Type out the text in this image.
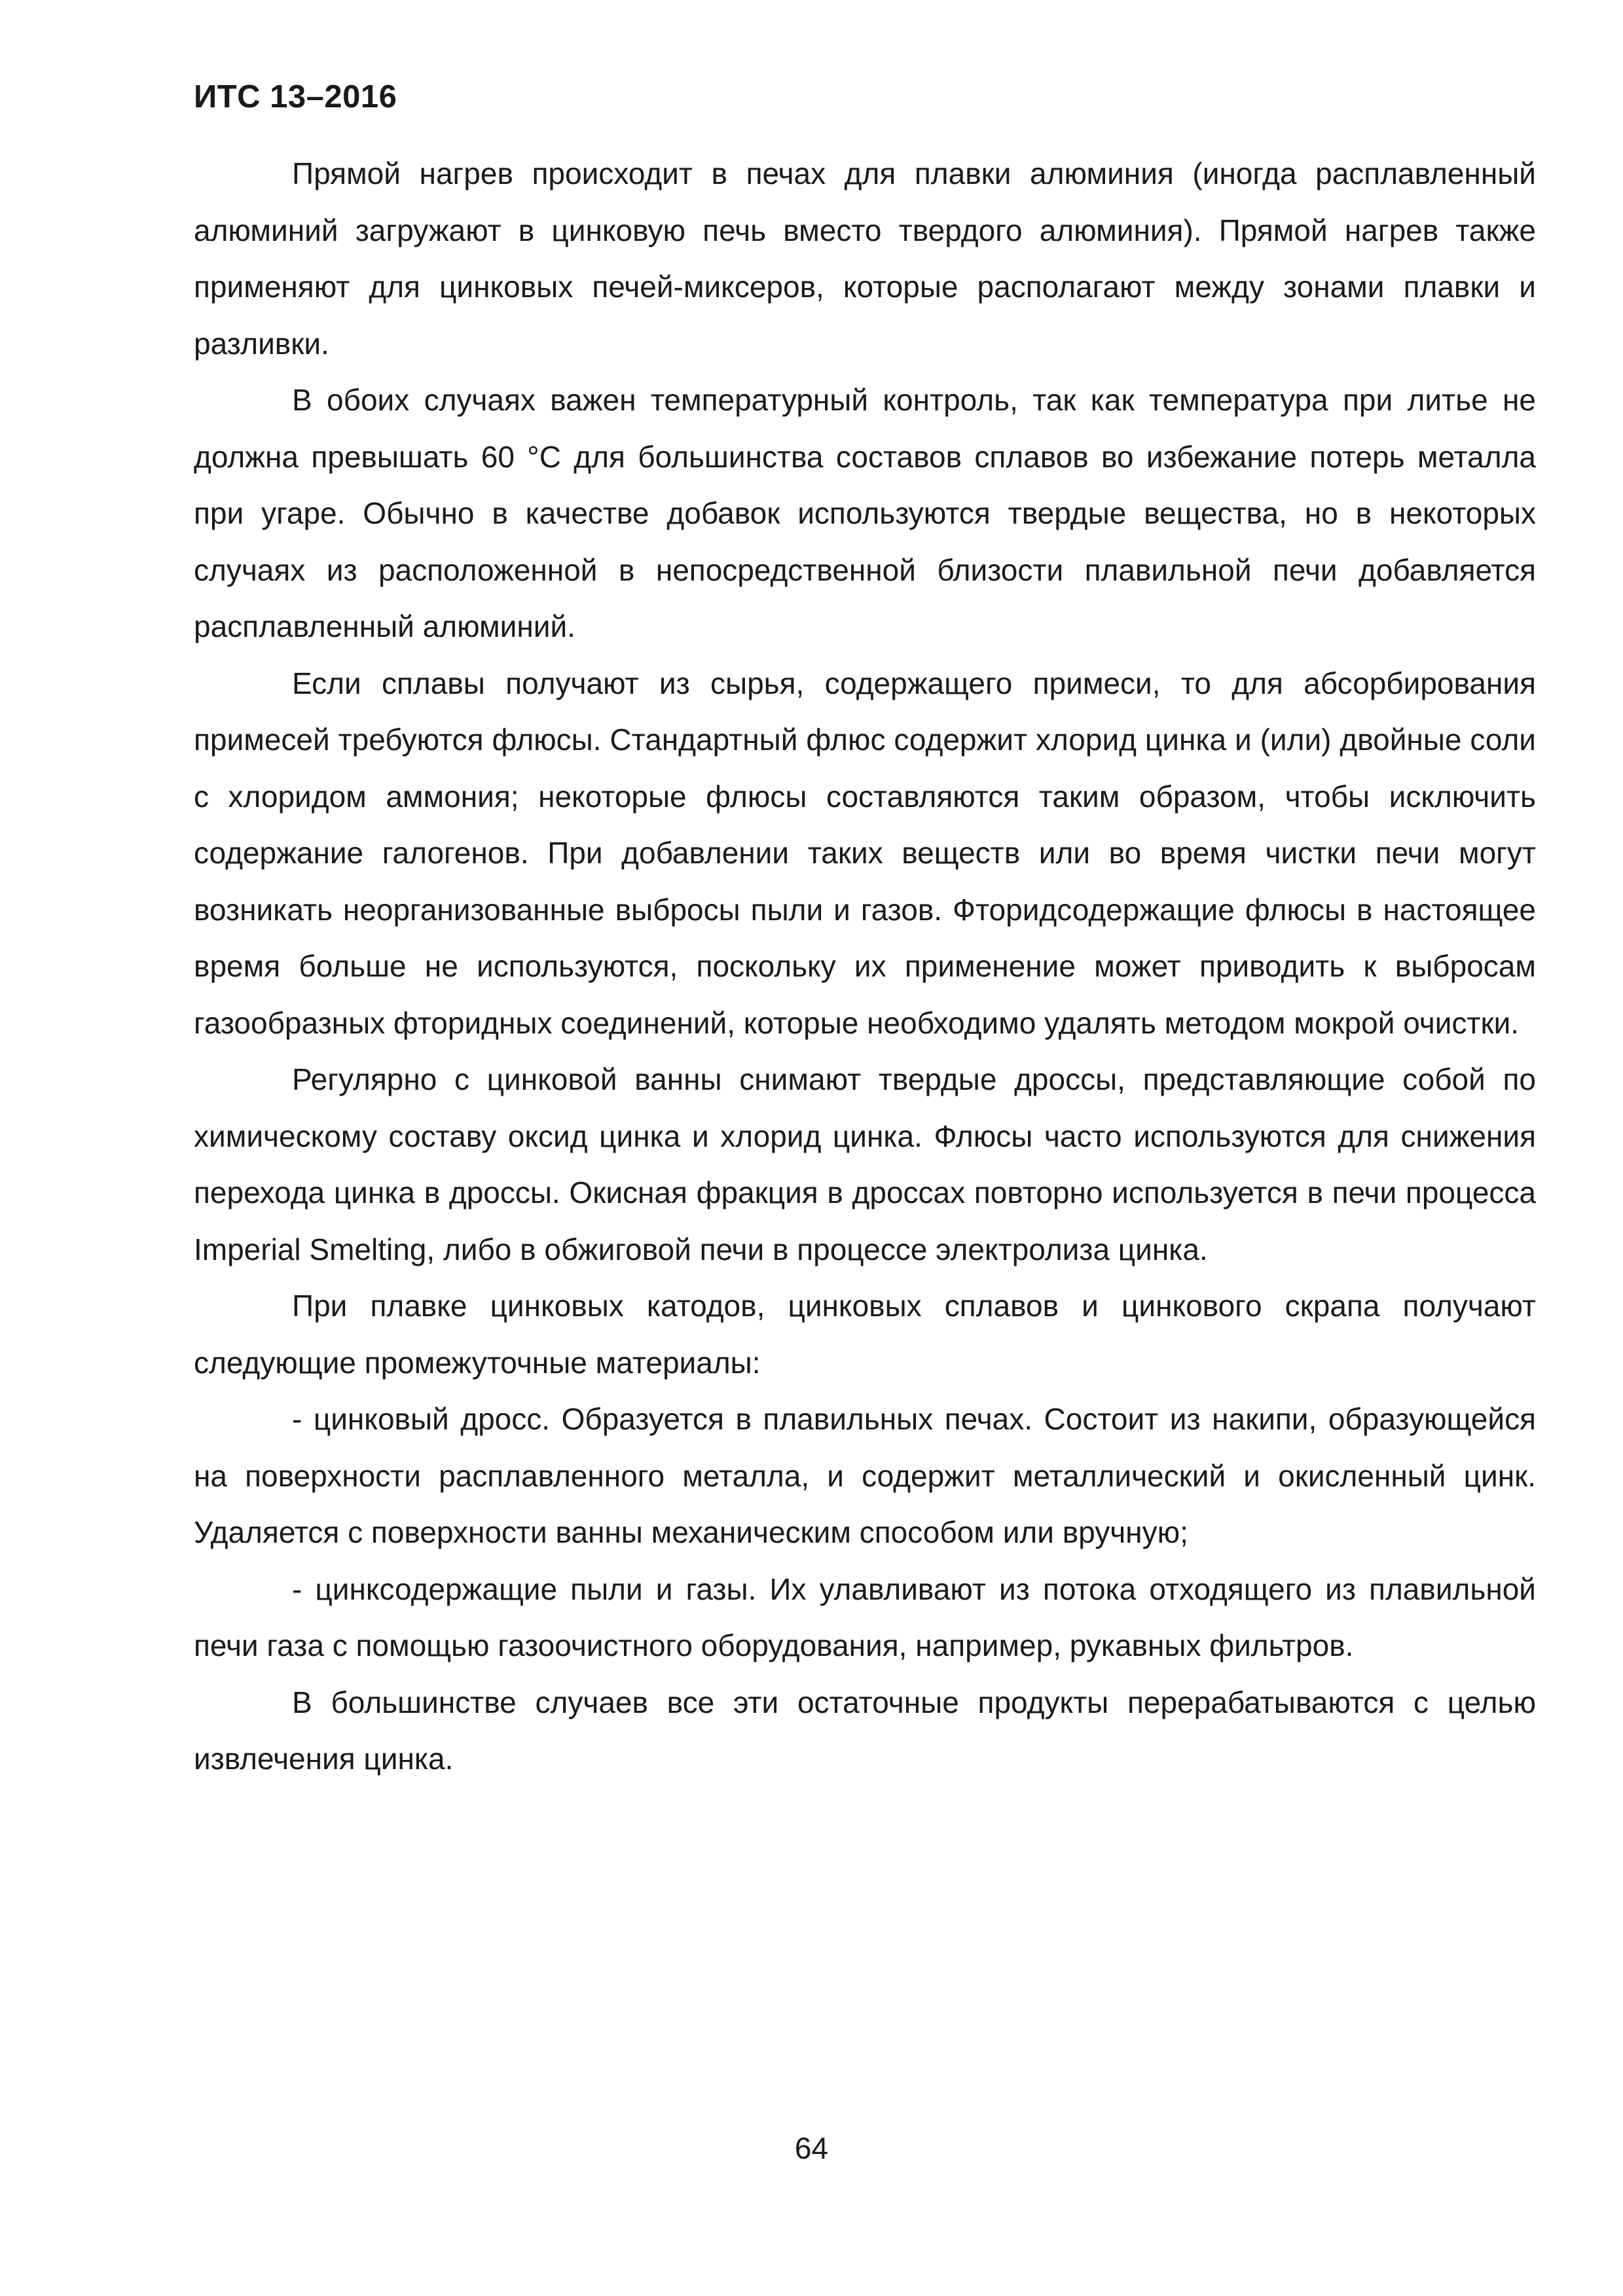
ИТС 13–2016

Прямой нагрев происходит в печах для плавки алюминия (иногда расплавленный алюминий загружают в цинковую печь вместо твердого алюминия). Прямой нагрев также применяют для цинковых печей-миксеров, которые располагают между зонами плавки и разливки.

В обоих случаях важен температурный контроль, так как температура при литье не должна превышать 60 °С для большинства составов сплавов во избежание потерь металла при угаре. Обычно в качестве добавок используются твердые вещества, но в некоторых случаях из расположенной в непосредственной близости плавильной печи добавляется расплавленный алюминий.

Если сплавы получают из сырья, содержащего примеси, то для абсорбирования примесей требуются флюсы. Стандартный флюс содержит хлорид цинка и (или) двойные соли с хлоридом аммония; некоторые флюсы составляются таким образом, чтобы исключить содержание галогенов. При добавлении таких веществ или во время чистки печи могут возникать неорганизованные выбросы пыли и газов. Фторидсодержащие флюсы в настоящее время больше не используются, поскольку их применение может приводить к выбросам газообразных фторидных соединений, которые необходимо удалять методом мокрой очистки.

Регулярно с цинковой ванны снимают твердые дроссы, представляющие собой по химическому составу оксид цинка и хлорид цинка. Флюсы часто используются для снижения перехода цинка в дроссы. Окисная фракция в дроссах повторно используется в печи процесса Imperial Smelting, либо в обжиговой печи в процессе электролиза цинка.

При плавке цинковых катодов, цинковых сплавов и цинкового скрапа получают следующие промежуточные материалы:

- цинковый дросс. Образуется в плавильных печах. Состоит из накипи, образующейся на поверхности расплавленного металла, и содержит металлический и окисленный цинк. Удаляется с поверхности ванны механическим способом или вручную;

- цинксодержащие пыли и газы. Их улавливают из потока отходящего из плавильной печи газа с помощью газоочистного оборудования, например, рукавных фильтров.

В большинстве случаев все эти остаточные продукты перерабатываются с целью извлечения цинка.

64
